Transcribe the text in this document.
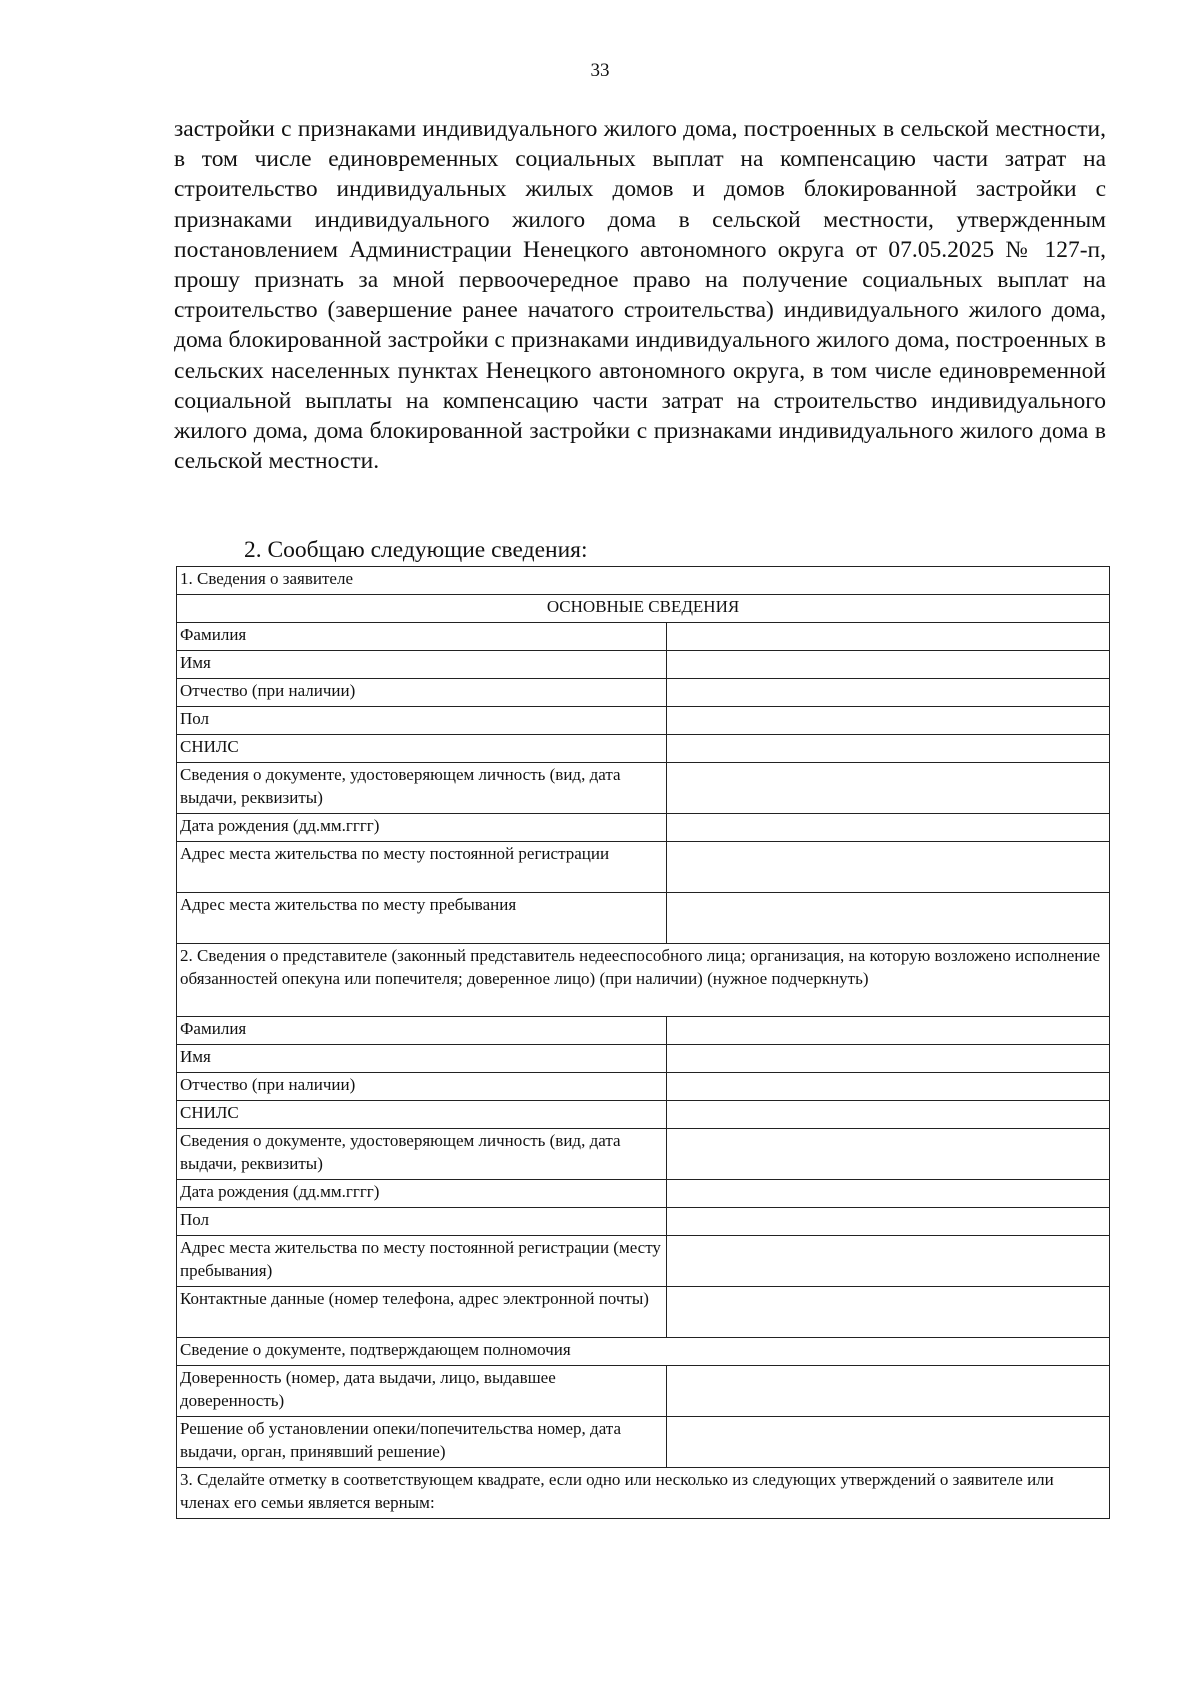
33

застройки с признаками индивидуального жилого дома, построенных в сельской местности, в том числе единовременных социальных выплат на компенсацию части затрат на строительство индивидуальных жилых домов и домов блокированной застройки с признаками индивидуального жилого дома в сельской местности, утвержденным постановлением Администрации Ненецкого автономного округа от 07.05.2025 № 127-п, прошу признать за мной первоочередное право на получение социальных выплат на строительство (завершение ранее начатого строительства) индивидуального жилого дома, дома блокированной застройки с признаками индивидуального жилого дома, построенных в сельских населенных пунктах Ненецкого автономного округа, в том числе единовременной социальной выплаты на компенсацию части затрат на строительство индивидуального жилого дома, дома блокированной застройки с признаками индивидуального жилого дома в сельской местности.

2. Сообщаю следующие сведения:

1. Сведения о заявителе	
ОСНОВНЫЕ СВЕДЕНИЯ	
Фамилия	
Имя	
Отчество (при наличии)	
Пол	
СНИЛС	
Сведения о документе, удостоверяющем личность (вид, дата выдачи, реквизиты)	
Дата рождения (дд.мм.гггг)	
Адрес места жительства по месту постоянной регистрации	
Адрес места жительства по месту пребывания	
2. Сведения о представителе (законный представитель недееспособного лица; организация, на которую возложено исполнение обязанностей опекуна или попечителя; доверенное лицо) (при наличии) (нужное подчеркнуть)	
Фамилия	
Имя	
Отчество (при наличии)	
СНИЛС	
Сведения о документе, удостоверяющем личность (вид, дата выдачи, реквизиты)	
Дата рождения (дд.мм.гггг)	
Пол	
Адрес места жительства по месту постоянной регистрации (месту пребывания)	
Контактные данные (номер телефона, адрес электронной почты)	
Сведение о документе, подтверждающем полномочия	
Доверенность (номер, дата выдачи, лицо, выдавшее доверенность)	
Решение об установлении опеки/попечительства номер, дата выдачи, орган, принявший решение)	
3. Сделайте отметку в соответствующем квадрате, если одно или несколько из следующих утверждений о заявителе или членах его семьи является верным:	
